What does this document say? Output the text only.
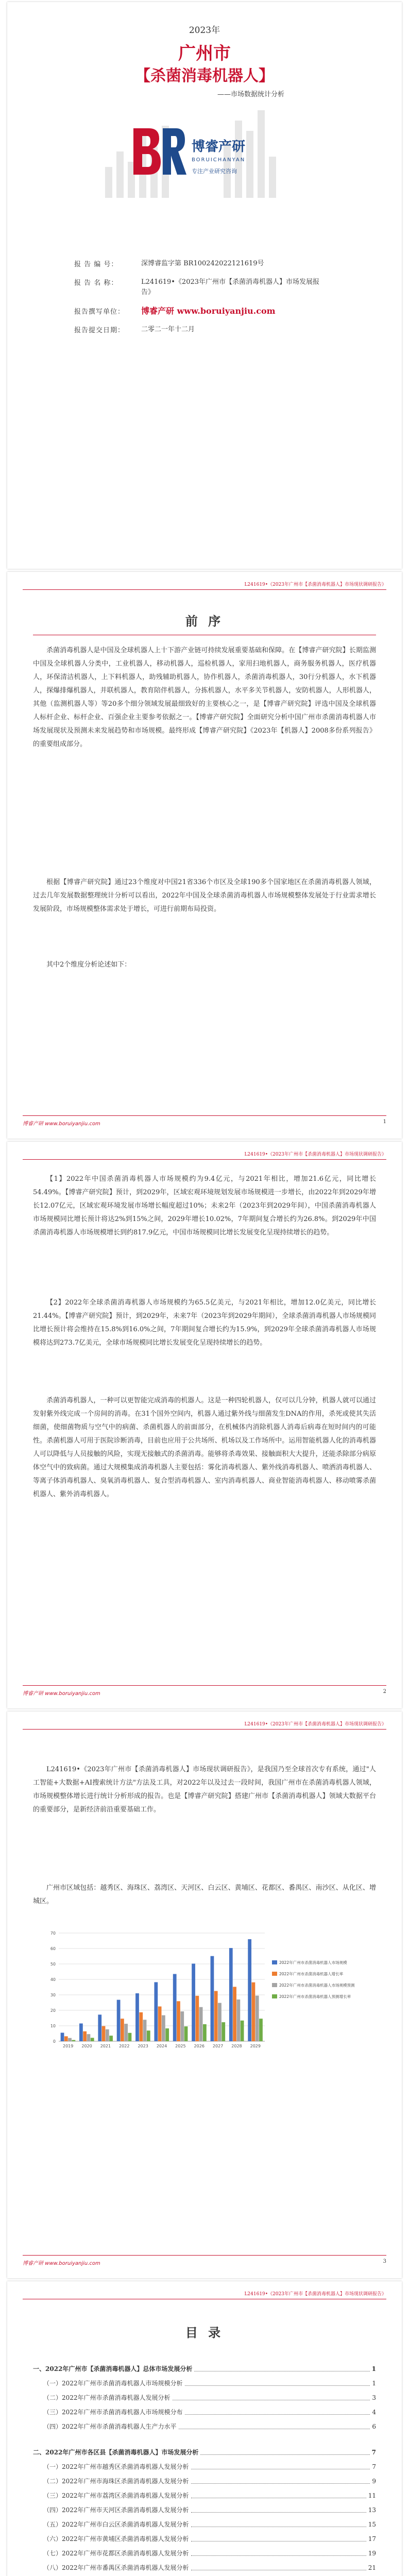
2023年
广州市
【杀菌消毒机器人】
——市场数据统计分析
博睿产研
BORUICHANYAN
专注产业研究咨询
报 告 编 号：	深博睿监字第 BR100242022121619号
报 告 名 称：	L241619•《2023年广州市【杀菌消毒机器人】市场发展报告》
报告撰写单位：	博睿产研 www.boruiyanjiu.com
报告提交日期：	二零二一年十二月
L241619•《2023年广州市【杀菌消毒机器人】市场现状调研报告》
前 序
杀菌消毒机器人是中国及全球机器人上十下游产业链可持续发展重要基础和保障。在【博睿产研究院】长期监测中国及全球机器人分类中，工业机器人，移动机器人，巡检机器人，家用扫地机器人，商务服务机器人，医疗机器人，环保清洁机器人，上下料机器人，助残辅助机器人，协作机器人，杀菌消毒机器人，30行分机器人，水下机器人，探爆排爆机器人，并联机器人，教育陪伴机器人，分拣机器人，水平多关节机器人，安防机器人，人形机器人，其他（监测机器人等）等20多个细分领域发展最细致好的主要核心之一，是【博睿产研究院】评选中国及全球机器人标杆企业、标杆企业、百强企业主要参考依据之一。【博睿产研究院】全面研究分析中国广州市杀菌消毒机器人市场发展现状及预测未来发展趋势和市场规模。最终形成【博睿产研究院】《2023年【机器人】2008多份系列报告》的重要组成部分。
根据【博睿产研究院】通过23个维度对中国21省336个市区及全球190多个国家地区在杀菌消毒机器人领域，过去几年发展数据整理统计分析可以看出，2022年中国及全球杀菌消毒机器人市场规模整体发展处于行业需求增长发展阶段，市场规模整体需求处于增长，可进行前期布局投资。
其中2个维度分析论述如下：
博睿产研 www.boruiyanjiu.com	1
L241619•《2023年广州市【杀菌消毒机器人】市场现状调研报告》
【1】2022年中国杀菌消毒机器人市场规模约为9.4亿元，与2021年相比，增加21.6亿元，同比增长54.49%。【博睿产研究院】预计，到2029年，区域宏观环境规划发展市场规模进一步增长，由2022年到2029年增长12.07亿元，区域宏观环境发展市场增长幅度超过10%；未来2年（2023年到2029年间），中国杀菌消毒机器人市场规模同比增长预计将达2%到15%之间，2029年增长10.02%，7年期间复合增长约为26.8%。到2029年中国杀菌消毒机器人市场规模增长到约817.9亿元，中国市场规模同比增长发展变化呈现持续增长的趋势。
【2】2022年全球杀菌消毒机器人市场规模约为65.5亿美元，与2021年相比，增加12.0亿美元，同比增长21.44%。【博睿产研究院】预计，到2029年，未来7年（2023年到2029年期间），全球杀菌消毒机器人市场规模同比增长预计将会维持在15.8%到16.0%之间，7年期间复合增长约为15.9%，到2029年全球杀菌消毒机器人市场规模将达到273.7亿美元，全球市场规模同比增长发展变化呈现持续增长的趋势。
杀菌消毒机器人，一种可以更智能完成消毒的机器人。这是一种四轮机器人，仅可以几分钟，机器人就可以通过发射紫外线完成一个房间的消毒。在31个国外空间内，机器人通过紫外线与细菌发生DNA的作用，杀死或使其失活细菌，使细菌物质与空气中的病菌、杀菌机器人的前面部分，在机械体内消除机器人消毒后病毒在短时间内的可能性。杀菌机器人可用于医院诊断消毒，目前也应用于公共场所、机场以及工作场所中。运用智能机器人化的消毒机器人可以降低与人员接触的风险，实现无接触式的杀菌消毒。能够将杀毒效果、接触面积大大提升，还能杀除部分病原体空气中的致病菌。通过大规模集成消毒机器人主要包括：雾化消毒机器人、紫外线消毒机器人、喷洒消毒机器人、等离子体消毒机器人、臭氧消毒机器人、复合型消毒机器人、室内消毒机器人、商业智能消毒机器人、移动喷雾杀菌机器人、紫外消毒机器人。
博睿产研 www.boruiyanjiu.com	2
L241619•《2023年广州市【杀菌消毒机器人】市场现状调研报告》
L241619•《2023年广州市【杀菌消毒机器人】市场现状调研报告》，是我国乃至全球首次专有系统，通过"人工智能+大数据+AI搜索统计方法"方法及工具，对2022年以及过去一段时间，我国广州市在杀菌消毒机器人领域，市场规模整体增长进行统计分析形成的报告。也是【博睿产研究院】搭建广州市【杀菌消毒机器人】领域大数据平台的重要部分，是新经济前沿重要基础工作。
广州市区域包括：越秀区、海珠区、荔湾区、天河区、白云区、黄埔区、花都区、番禺区、南沙区、从化区、增城区。
0
10
20
30
40
50
60
70
2019 2020 2021 2022 2023 2024 2025 2026 2027 2028 2029
2022年广州市杀菌消毒机器人市场规模
2022年广州市杀菌消毒机器人增长率
2022年广州市杀菌消毒机器人市场规模预测
2022年广州市杀菌消毒机器人预测增长率
博睿产研 www.boruiyanjiu.com	3
L241619•《2023年广州市【杀菌消毒机器人】市场现状调研报告》
目 录
一、2022年广州市【杀菌消毒机器人】总体市场发展分析	1
（一）2022年广州市杀菌消毒机器人市场规模分析	1
（二）2022年广州市杀菌消毒机器人发展分析	3
（三）2022年广州市杀菌消毒机器人市场规模分布	4
（四）2022年广州市杀菌消毒机器人生产力水平	6
二、2022年广州市各区县【杀菌消毒机器人】市场发展分析	7
（一）2022年广州市越秀区杀菌消毒机器人发展分析	7
（二）2022年广州市海珠区杀菌消毒机器人发展分析	9
（三）2022年广州市荔湾区杀菌消毒机器人发展分析	11
（四）2022年广州市天河区杀菌消毒机器人发展分析	13
（五）2022年广州市白云区杀菌消毒机器人发展分析	15
（六）2022年广州市黄埔区杀菌消毒机器人发展分析	17
（七）2022年广州市花都区杀菌消毒机器人发展分析	19
（八）2022年广州市番禺区杀菌消毒机器人发展分析	21
